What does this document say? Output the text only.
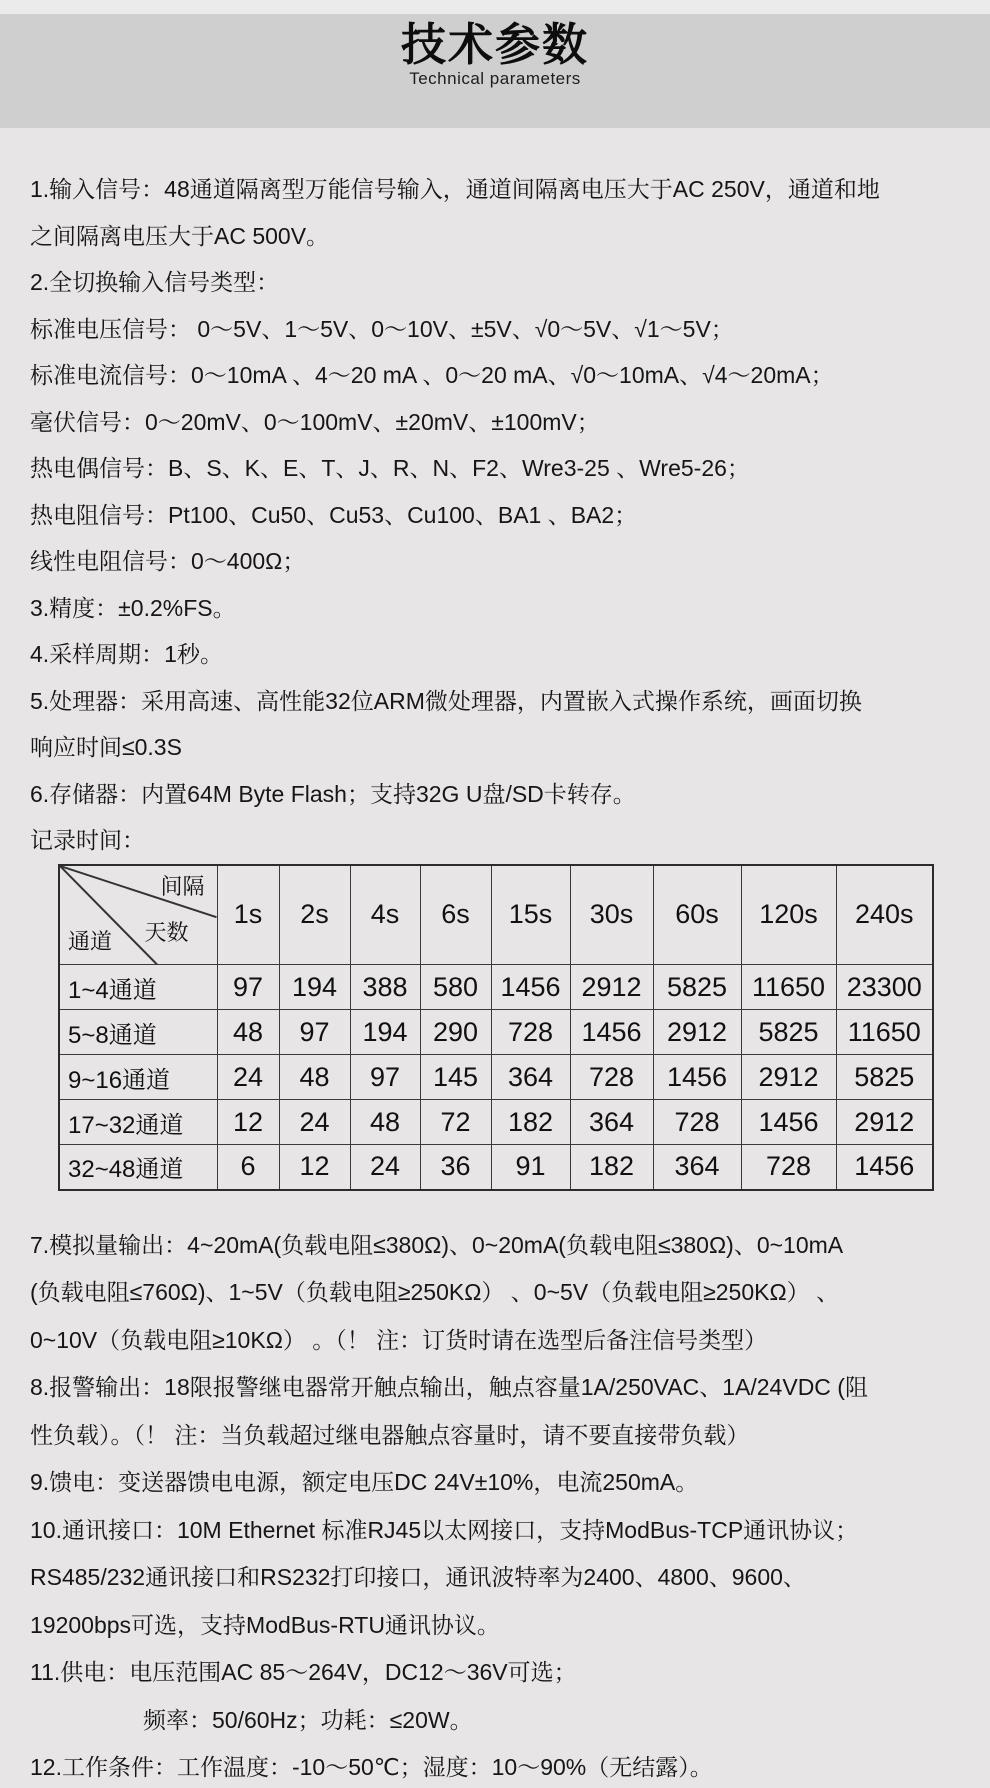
技术参数
Technical parameters
1.输入信号：48通道隔离型万能信号输入，通道间隔离电压大于AC 250V，通道和地
之间隔离电压大于AC 500V。
2.全切换输入信号类型：
标准电压信号： 0～5V、1～5V、0～10V、±5V、√0～5V、√1～5V；
标准电流信号：0～10mA 、4～20 mA 、0～20 mA、√0～10mA、√4～20mA；
毫伏信号：0～20mV、0～100mV、±20mV、±100mV；
热电偶信号：B、S、K、E、T、J、R、N、F2、Wre3-25 、Wre5-26；
热电阻信号：Pt100、Cu50、Cu53、Cu100、BA1 、BA2；
线性电阻信号：0～400Ω；
3.精度：±0.2%FS。
4.采样周期：1秒。
5.处理器：采用高速、高性能32位ARM微处理器，内置嵌入式操作系统，画面切换
响应时间≤0.3S
6.存储器：内置64M Byte Flash；支持32G U盘/SD卡转存。
记录时间：
间隔
天数
通道	1s	2s	4s	6s	15s	30s	60s	120s	240s
1~4通道	97	194	388	580	1456	2912	5825	11650	23300
5~8通道	48	97	194	290	728	1456	2912	5825	11650
9~16通道	24	48	97	145	364	728	1456	2912	5825
17~32通道	12	24	48	72	182	364	728	1456	2912
32~48通道	6	12	24	36	91	182	364	728	1456
7.模拟量输出：4~20mA(负载电阻≤380Ω)、0~20mA(负载电阻≤380Ω)、0~10mA
(负载电阻≤760Ω)、1~5V（负载电阻≥250KΩ） 、0~5V（负载电阻≥250KΩ） 、
0~10V（负载电阻≥10KΩ） 。（！ 注：订货时请在选型后备注信号类型）
8.报警输出：18限报警继电器常开触点输出，触点容量1A/250VAC、1A/24VDC (阻
性负载）。（！ 注：当负载超过继电器触点容量时，请不要直接带负载）
9.馈电：变送器馈电电源，额定电压DC 24V±10%，电流250mA。
10.通讯接口：10M Ethernet 标准RJ45以太网接口，支持ModBus-TCP通讯协议；
RS485/232通讯接口和RS232打印接口，通讯波特率为2400、4800、9600、
19200bps可选，支持ModBus-RTU通讯协议。
11.供电：电压范围AC 85～264V，DC12～36V可选；
频率：50/60Hz；功耗：≤20W。
12.工作条件：工作温度：-10～50℃；湿度：10～90%（无结露）。
